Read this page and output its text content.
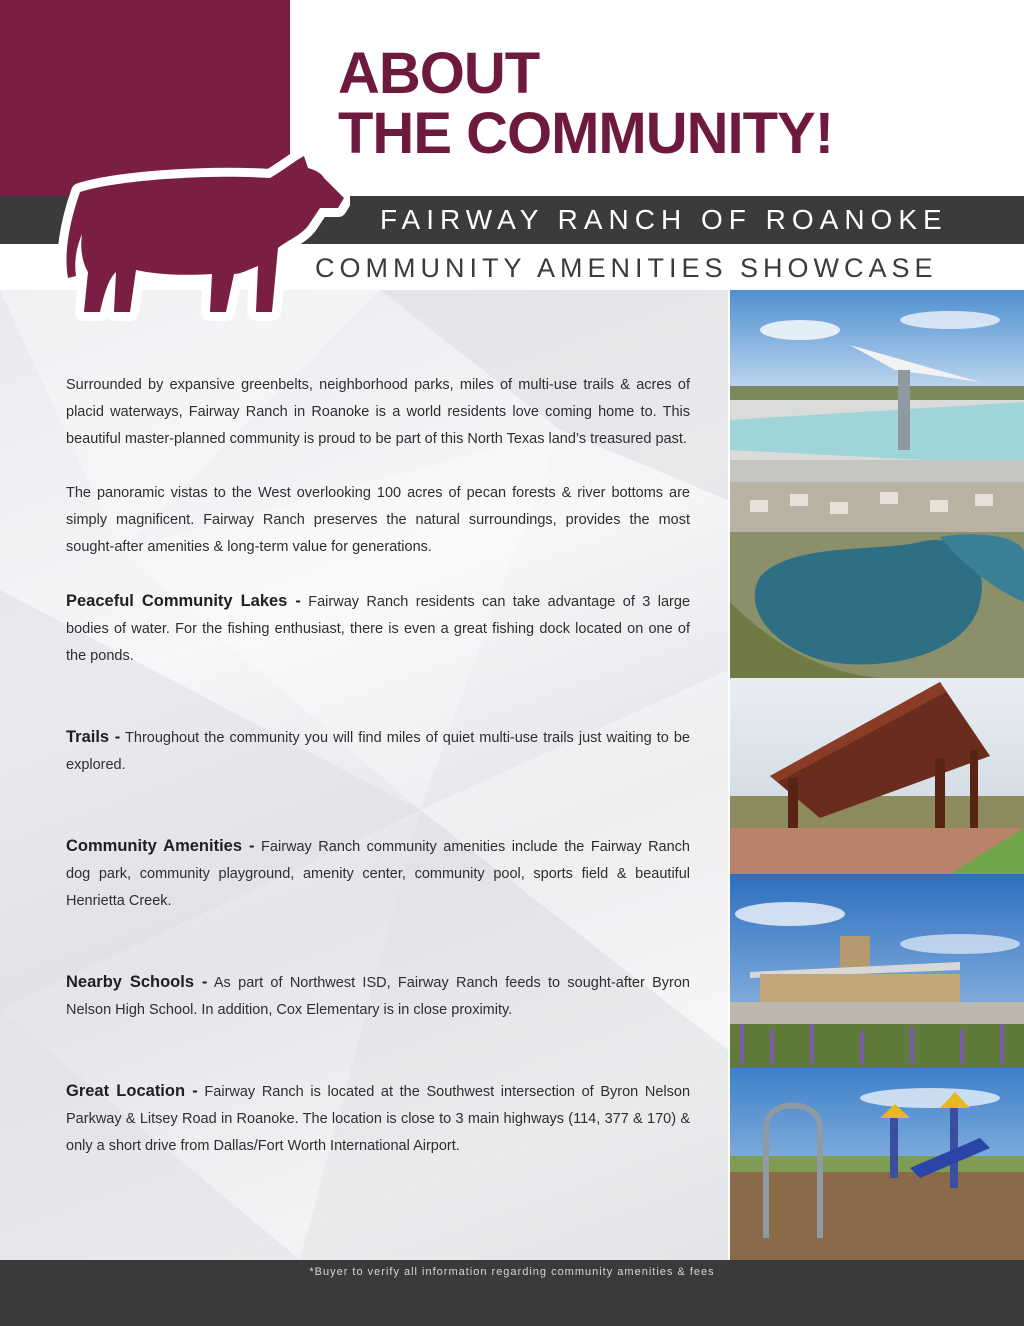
ABOUT
THE COMMUNITY!
FAIRWAY RANCH OF ROANOKE
COMMUNITY AMENITIES SHOWCASE

Surrounded by expansive greenbelts, neighborhood parks, miles of multi-use trails & acres of placid waterways, Fairway Ranch in Roanoke is a world residents love coming home to. This beautiful master-planned community is proud to be part of this North Texas land’s treasured past.

The panoramic vistas to the West overlooking 100 acres of pecan forests & river bottoms are simply magnificent. Fairway Ranch preserves the natural surroundings, provides the most sought-after amenities & long-term value for generations.

Peaceful Community Lakes - Fairway Ranch residents can take advantage of 3 large bodies of water. For the fishing enthusiast, there is even a great fishing dock located on one of the ponds.

Trails - Throughout the community you will find miles of quiet multi-use trails just waiting to be explored.

Community Amenities - Fairway Ranch community amenities include the Fairway Ranch dog park, community playground, amenity center, community pool, sports field & beautiful Henrietta Creek.

Nearby Schools - As part of Northwest ISD, Fairway Ranch feeds to sought-after Byron Nelson High School. In addition, Cox Elementary is in close proximity.

Great Location - Fairway Ranch is located at the Southwest intersection of Byron Nelson Parkway & Litsey Road in Roanoke. The location is close to 3 main highways (114, 377 & 170) & only a short drive from Dallas/Fort Worth International Airport.

*Buyer to verify all information regarding community amenities & fees
